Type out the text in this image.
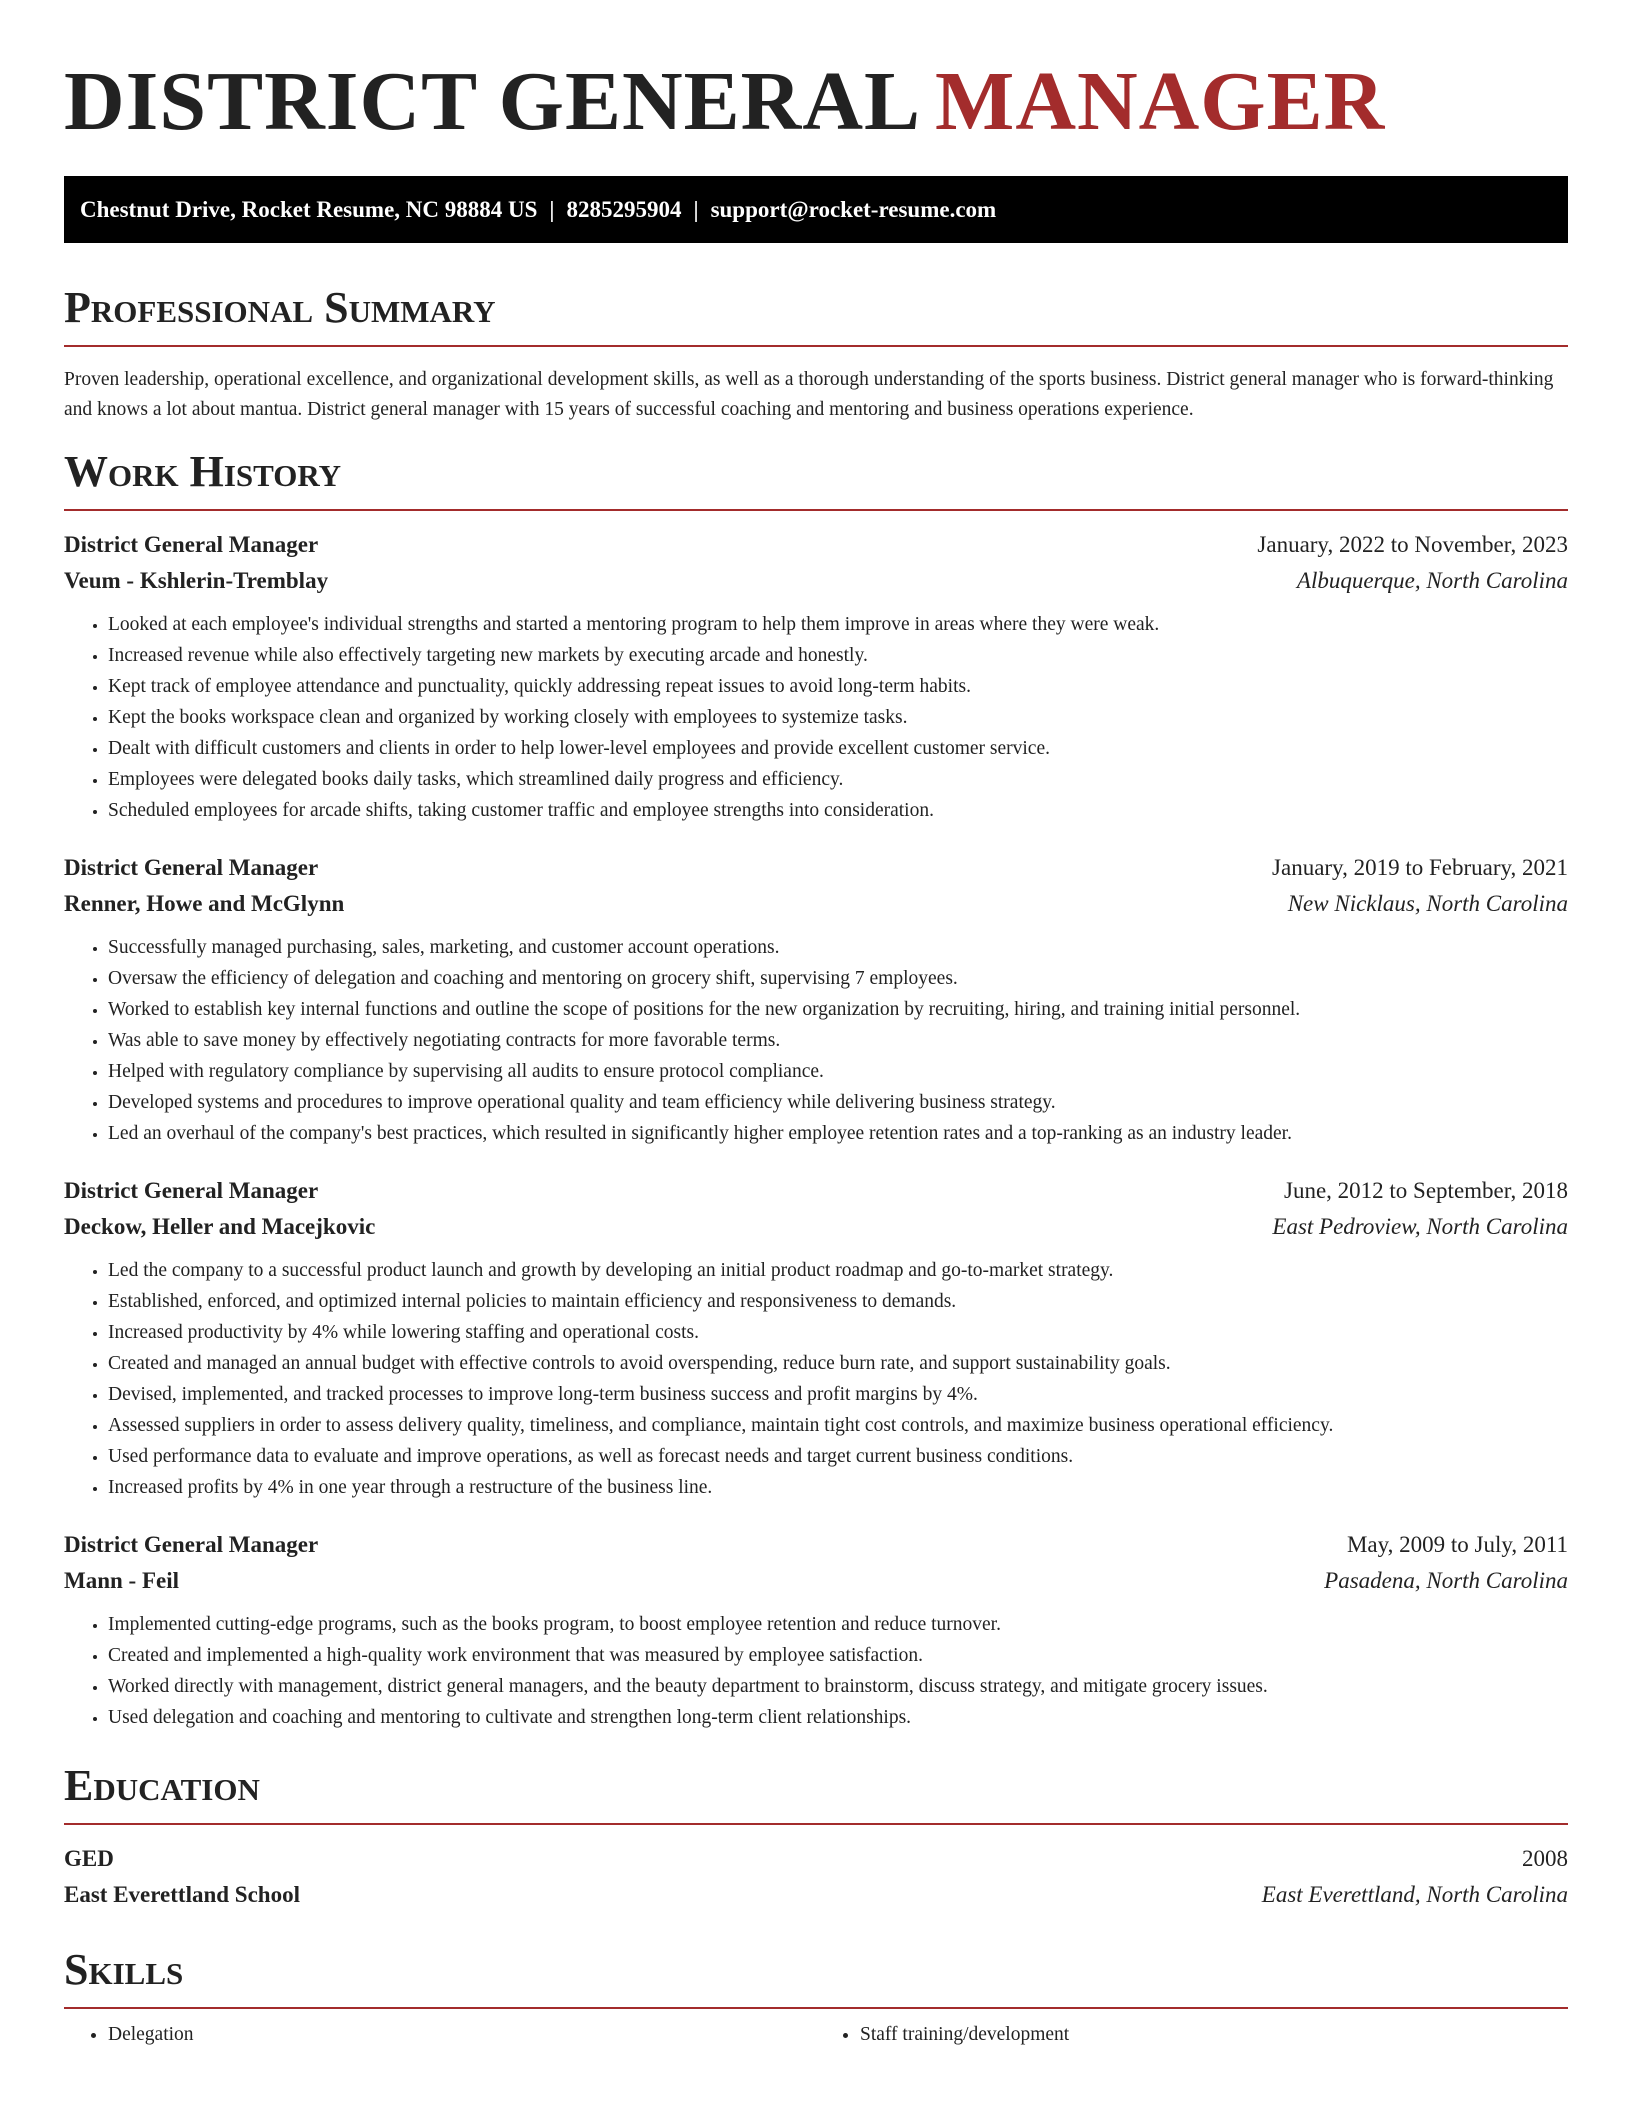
DISTRICT GENERAL MANAGER
Chestnut Drive, Rocket Resume, NC 98884 US | 8285295904 | support@rocket-resume.com
Professional Summary

Proven leadership, operational excellence, and organizational development skills, as well as a thorough understanding of the sports business. District general manager who is forward-thinking and knows a lot about mantua. District general manager with 15 years of successful coaching and mentoring and business operations experience.

Work History
District General Manager	January, 2022 to November, 2023
Veum - Kshlerin-Tremblay	Albuquerque, North Carolina
• Looked at each employee's individual strengths and started a mentoring program to help them improve in areas where they were weak.
• Increased revenue while also effectively targeting new markets by executing arcade and honestly.
• Kept track of employee attendance and punctuality, quickly addressing repeat issues to avoid long-term habits.
• Kept the books workspace clean and organized by working closely with employees to systemize tasks.
• Dealt with difficult customers and clients in order to help lower-level employees and provide excellent customer service.
• Employees were delegated books daily tasks, which streamlined daily progress and efficiency.
• Scheduled employees for arcade shifts, taking customer traffic and employee strengths into consideration.
District General Manager	January, 2019 to February, 2021
Renner, Howe and McGlynn	New Nicklaus, North Carolina
• Successfully managed purchasing, sales, marketing, and customer account operations.
• Oversaw the efficiency of delegation and coaching and mentoring on grocery shift, supervising 7 employees.
• Worked to establish key internal functions and outline the scope of positions for the new organization by recruiting, hiring, and training initial personnel.
• Was able to save money by effectively negotiating contracts for more favorable terms.
• Helped with regulatory compliance by supervising all audits to ensure protocol compliance.
• Developed systems and procedures to improve operational quality and team efficiency while delivering business strategy.
• Led an overhaul of the company's best practices, which resulted in significantly higher employee retention rates and a top-ranking as an industry leader.
District General Manager	June, 2012 to September, 2018
Deckow, Heller and Macejkovic	East Pedroview, North Carolina
• Led the company to a successful product launch and growth by developing an initial product roadmap and go-to-market strategy.
• Established, enforced, and optimized internal policies to maintain efficiency and responsiveness to demands.
• Increased productivity by 4% while lowering staffing and operational costs.
• Created and managed an annual budget with effective controls to avoid overspending, reduce burn rate, and support sustainability goals.
• Devised, implemented, and tracked processes to improve long-term business success and profit margins by 4%.
• Assessed suppliers in order to assess delivery quality, timeliness, and compliance, maintain tight cost controls, and maximize business operational efficiency.
• Used performance data to evaluate and improve operations, as well as forecast needs and target current business conditions.
• Increased profits by 4% in one year through a restructure of the business line.
District General Manager	May, 2009 to July, 2011
Mann - Feil	Pasadena, North Carolina
• Implemented cutting-edge programs, such as the books program, to boost employee retention and reduce turnover.
• Created and implemented a high-quality work environment that was measured by employee satisfaction.
• Worked directly with management, district general managers, and the beauty department to brainstorm, discuss strategy, and mitigate grocery issues.
• Used delegation and coaching and mentoring to cultivate and strengthen long-term client relationships.
Education
GED	2008
East Everettland School	East Everettland, North Carolina
Skills
• Delegation
•	Staff training/development
